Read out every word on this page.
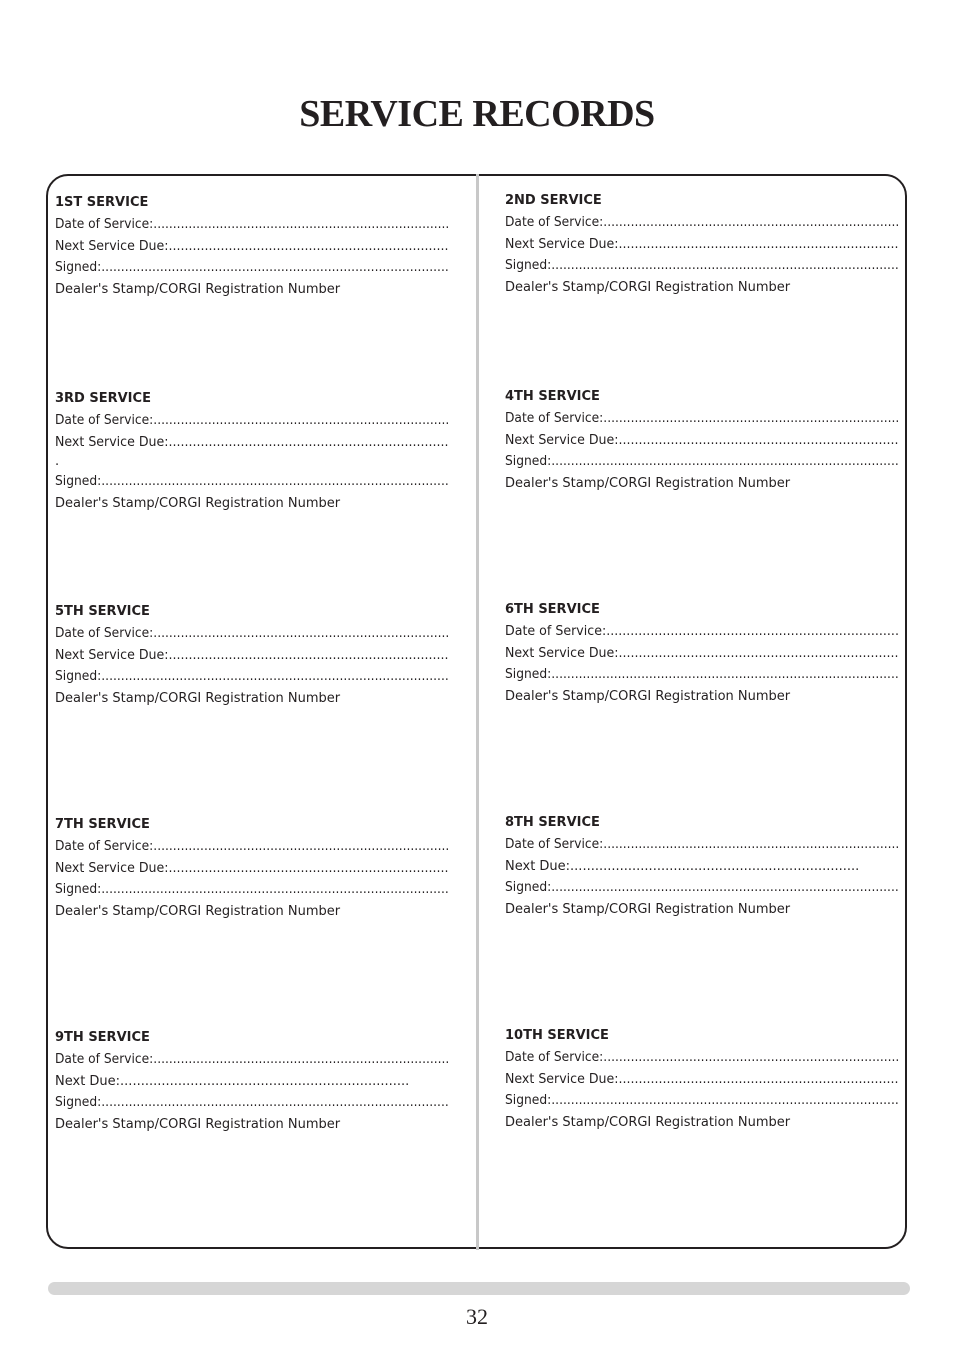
SERVICE RECORDS
1ST SERVICE
Date of Service:............................................................................
Next Service Due:......................................................................
Signed:.........................................................................................
Dealer's Stamp/CORGI Registration Number
3RD SERVICE
Date of Service:............................................................................
Next Service Due:......................................................................
.
Signed:.........................................................................................
Dealer's Stamp/CORGI Registration Number
5TH SERVICE
Date of Service:............................................................................
Next Service Due:......................................................................
Signed:.........................................................................................
Dealer's Stamp/CORGI Registration Number
7TH SERVICE
Date of Service:............................................................................
Next Service Due:......................................................................
Signed:.........................................................................................
Dealer's Stamp/CORGI Registration Number
9TH SERVICE
Date of Service:............................................................................
Next Due:......................................................................
Signed:.........................................................................................
Dealer's Stamp/CORGI Registration Number
2ND SERVICE
Date of Service:............................................................................
Next Service Due:......................................................................
Signed:.........................................................................................
Dealer's Stamp/CORGI Registration Number
4TH SERVICE
Date of Service:............................................................................
Next Service Due:......................................................................
Signed:.........................................................................................
Dealer's Stamp/CORGI Registration Number
6TH SERVICE
Date of Service:.........................................................................
Next Service Due:......................................................................
Signed:.........................................................................................
Dealer's Stamp/CORGI Registration Number
8TH SERVICE
Date of Service:............................................................................
Next Due:......................................................................
Signed:.........................................................................................
Dealer's Stamp/CORGI Registration Number
10TH SERVICE
Date of Service:............................................................................
Next Service Due:......................................................................
Signed:.........................................................................................
Dealer's Stamp/CORGI Registration Number
32
